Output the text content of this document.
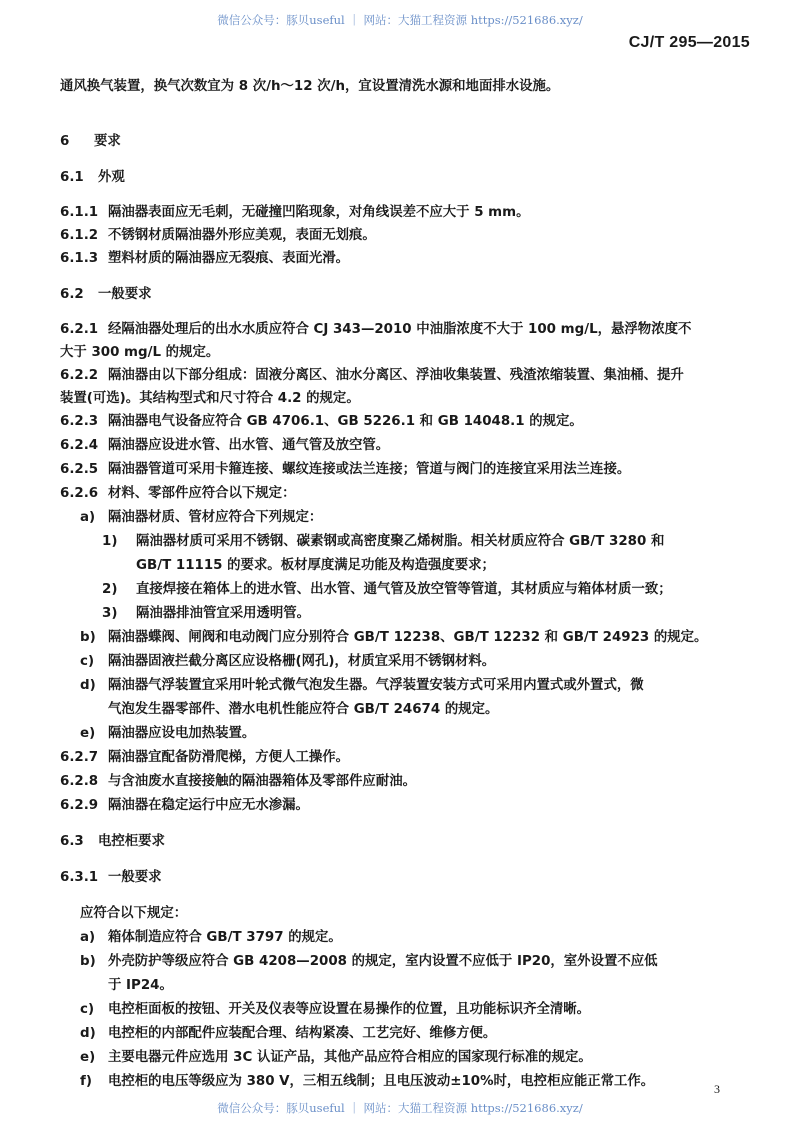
微信公众号：豚贝useful ｜ 网站：大猫工程资源 https://521686.xyz/
CJ/T 295—2015
通风换气装置，换气次数宜为 8 次/h～12 次/h，宜设置清洗水源和地面排水设施。
6 要求
6.1 外观
6.1.1 隔油器表面应无毛刺，无碰撞凹陷现象，对角线误差不应大于 5 mm。
6.1.2 不锈钢材质隔油器外形应美观，表面无划痕。
6.1.3 塑料材质的隔油器应无裂痕、表面光滑。
6.2 一般要求
6.2.1 经隔油器处理后的出水水质应符合 CJ 343—2010 中油脂浓度不大于 100 mg/L，悬浮物浓度不
大于 300 mg/L 的规定。
6.2.2 隔油器由以下部分组成：固液分离区、油水分离区、浮油收集装置、残渣浓缩装置、集油桶、提升
装置(可选)。其结构型式和尺寸符合 4.2 的规定。
6.2.3 隔油器电气设备应符合 GB 4706.1、GB 5226.1 和 GB 14048.1 的规定。
6.2.4 隔油器应设进水管、出水管、通气管及放空管。
6.2.5 隔油器管道可采用卡箍连接、螺纹连接或法兰连接；管道与阀门的连接宜采用法兰连接。
6.2.6 材料、零部件应符合以下规定：
a) 隔油器材质、管材应符合下列规定：
1) 隔油器材质可采用不锈钢、碳素钢或高密度聚乙烯树脂。相关材质应符合 GB/T 3280 和
GB/T 11115 的要求。板材厚度满足功能及构造强度要求；
2) 直接焊接在箱体上的进水管、出水管、通气管及放空管等管道，其材质应与箱体材质一致；
3) 隔油器排油管宜采用透明管。
b) 隔油器蝶阀、闸阀和电动阀门应分别符合 GB/T 12238、GB/T 12232 和 GB/T 24923 的规定。
c) 隔油器固液拦截分离区应设格栅(网孔)，材质宜采用不锈钢材料。
d) 隔油器气浮装置宜采用叶轮式微气泡发生器。气浮装置安装方式可采用内置式或外置式，微
气泡发生器零部件、潜水电机性能应符合 GB/T 24674 的规定。
e) 隔油器应设电加热装置。
6.2.7 隔油器宜配备防滑爬梯，方便人工操作。
6.2.8 与含油废水直接接触的隔油器箱体及零部件应耐油。
6.2.9 隔油器在稳定运行中应无水渗漏。
6.3 电控柜要求
6.3.1 一般要求
应符合以下规定：
a) 箱体制造应符合 GB/T 3797 的规定。
b) 外壳防护等级应符合 GB 4208—2008 的规定，室内设置不应低于 IP20，室外设置不应低
于 IP24。
c) 电控柜面板的按钮、开关及仪表等应设置在易操作的位置，且功能标识齐全清晰。
d) 电控柜的内部配件应装配合理、结构紧凑、工艺完好、维修方便。
e) 主要电器元件应选用 3C 认证产品，其他产品应符合相应的国家现行标准的规定。
f) 电控柜的电压等级应为 380 V，三相五线制；且电压波动±10%时，电控柜应能正常工作。	3
微信公众号：豚贝useful ｜ 网站：大猫工程资源 https://521686.xyz/
